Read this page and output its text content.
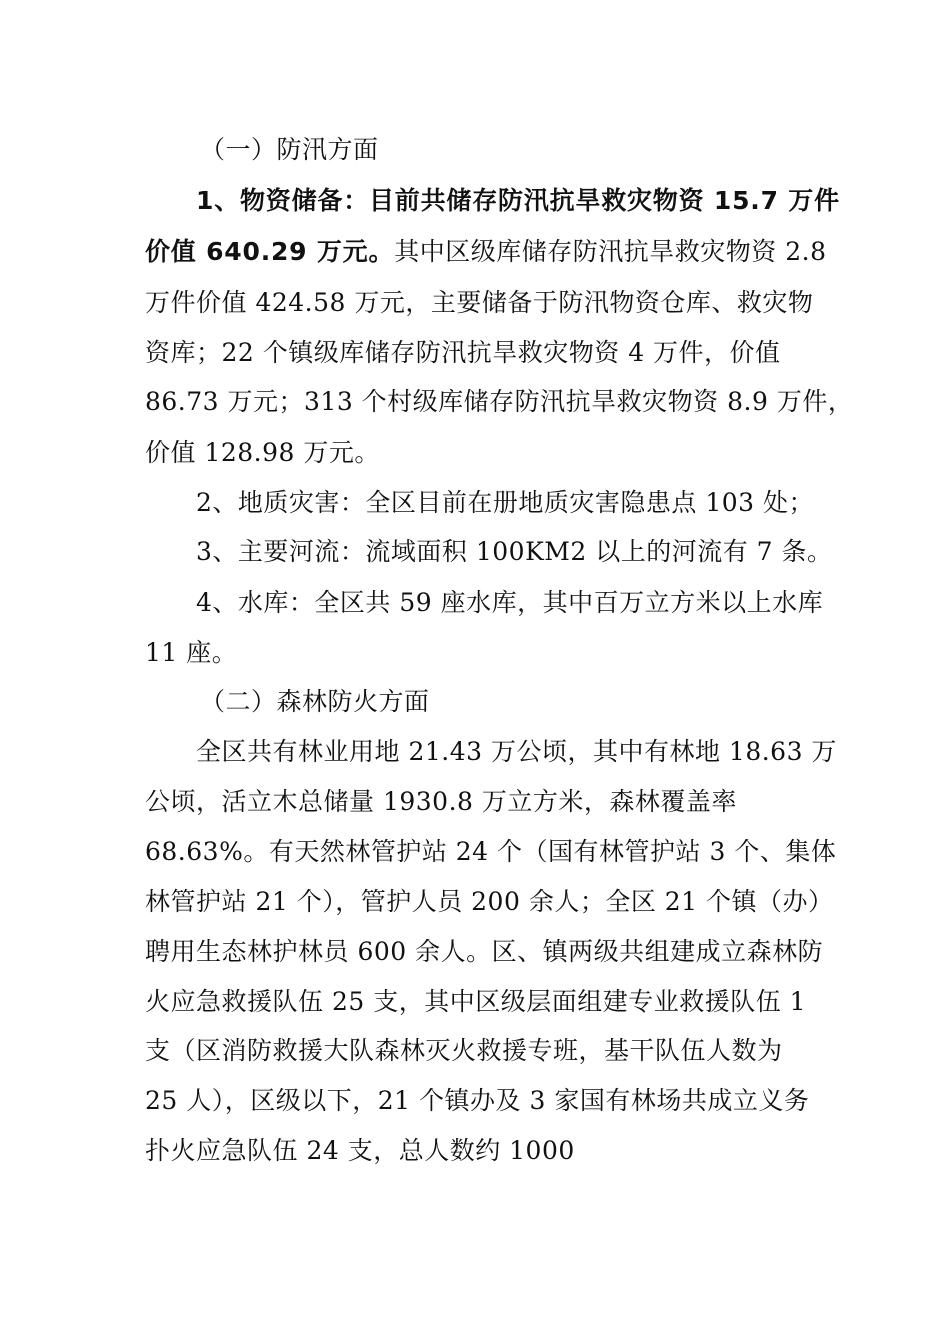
（一）防汛方面

1、物资储备：目前共储存防汛抗旱救灾物资 15.7 万件

价值 640.29 万元。其中区级库储存防汛抗旱救灾物资 2.8

万件价值 424.58 万元，主要储备于防汛物资仓库、救灾物

资库；22 个镇级库储存防汛抗旱救灾物资 4 万件，价值

86.73 万元；313 个村级库储存防汛抗旱救灾物资 8.9 万件，

价值 128.98 万元。

2、地质灾害：全区目前在册地质灾害隐患点 103 处；

3、主要河流：流域面积 100KM2 以上的河流有 7 条。

4、水库：全区共 59 座水库，其中百万立方米以上水库

11 座。

（二）森林防火方面

全区共有林业用地 21.43 万公顷，其中有林地 18.63 万

公顷，活立木总储量 1930.8 万立方米，森林覆盖率

68.63%。有天然林管护站 24 个（国有林管护站 3 个、集体

林管护站 21 个），管护人员 200 余人；全区 21 个镇（办）

聘用生态林护林员 600 余人。区、镇两级共组建成立森林防

火应急救援队伍 25 支，其中区级层面组建专业救援队伍 1

支（区消防救援大队森林灭火救援专班，基干队伍人数为

25 人），区级以下，21 个镇办及 3 家国有林场共成立义务

扑火应急队伍 24 支，总人数约 1000
